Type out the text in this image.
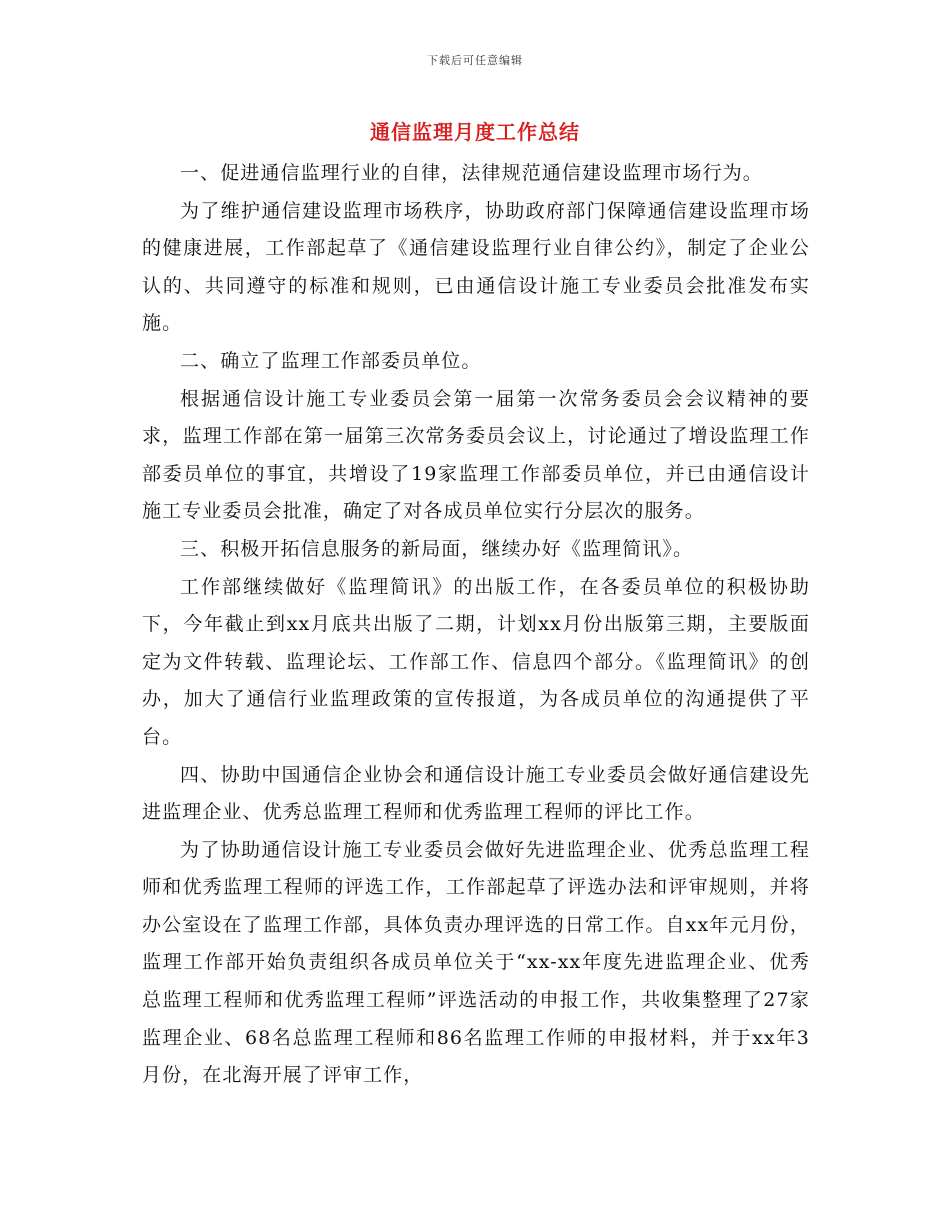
下载后可任意编辑
通信监理月度工作总结

一、促进通信监理行业的自律，法律规范通信建设监理市场行为。

为了维护通信建设监理市场秩序，协助政府部门保障通信建设监理市场的健康进展，工作部起草了《通信建设监理行业自律公约》，制定了企业公认的、共同遵守的标准和规则，已由通信设计施工专业委员会批准发布实施。

二、确立了监理工作部委员单位。

根据通信设计施工专业委员会第一届第一次常务委员会会议精神的要求，监理工作部在第一届第三次常务委员会议上，讨论通过了增设监理工作部委员单位的事宜，共增设了19家监理工作部委员单位，并已由通信设计施工专业委员会批准，确定了对各成员单位实行分层次的服务。

三、积极开拓信息服务的新局面，继续办好《监理简讯》。

工作部继续做好《监理简讯》的出版工作，在各委员单位的积极协助下，今年截止到xx月底共出版了二期，计划xx月份出版第三期，主要版面定为文件转载、监理论坛、工作部工作、信息四个部分。《监理简讯》的创办，加大了通信行业监理政策的宣传报道，为各成员单位的沟通提供了平台。

四、协助中国通信企业协会和通信设计施工专业委员会做好通信建设先进监理企业、优秀总监理工程师和优秀监理工程师的评比工作。

为了协助通信设计施工专业委员会做好先进监理企业、优秀总监理工程师和优秀监理工程师的评选工作，工作部起草了评选办法和评审规则，并将办公室设在了监理工作部，具体负责办理评选的日常工作。自xx年元月份，监理工作部开始负责组织各成员单位关于“xx-xx年度先进监理企业、优秀总监理工程师和优秀监理工程师”评选活动的申报工作，共收集整理了27家监理企业、68名总监理工程师和86名监理工作师的申报材料，并于xx年3月份，在北海开展了评审工作，
